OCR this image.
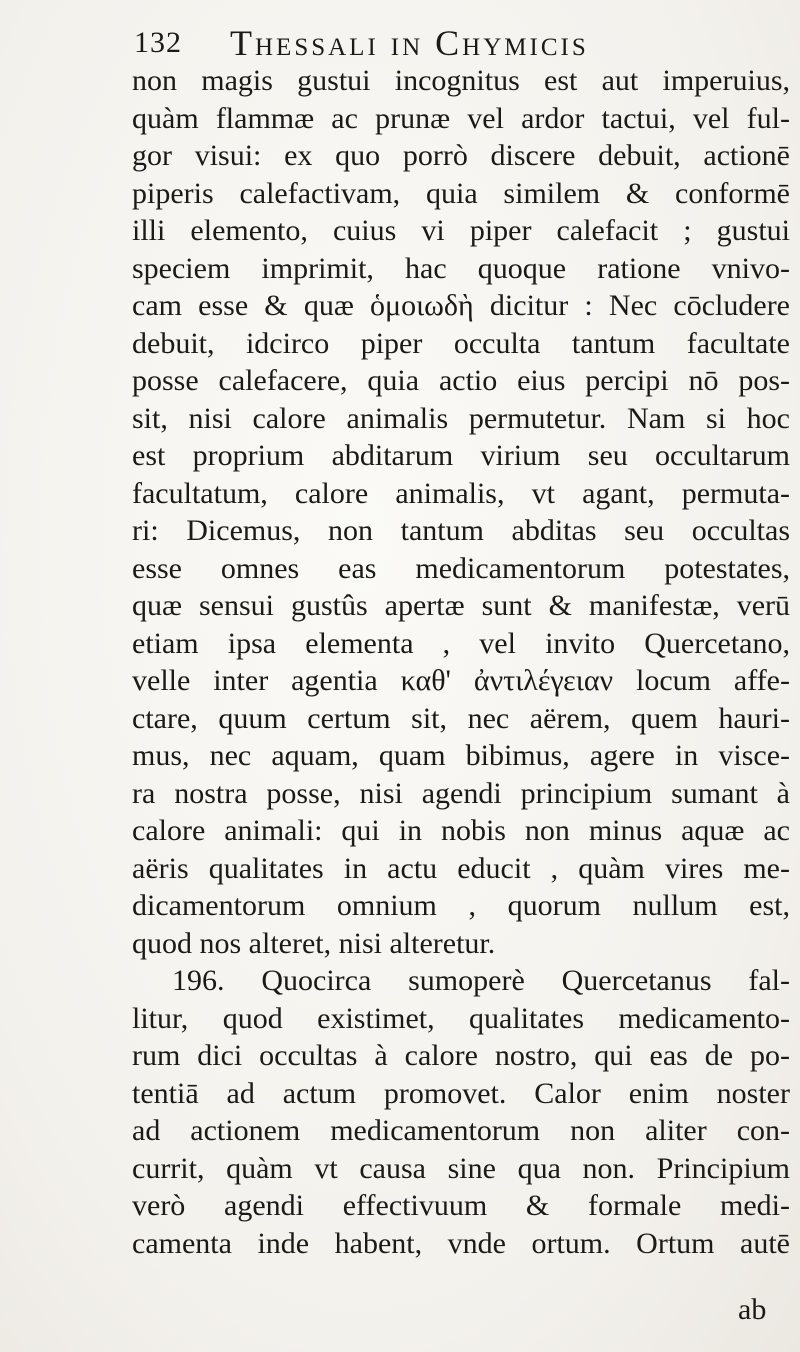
132 Thessali in Chymicis
non magis gustui incognitus est aut imperuius,
quàm flammæ ac prunæ vel ardor tactui, vel ful-
gor visui: ex quo porrò discere debuit, actionē
piperis calefactivam, quia similem & conformē
illi elemento, cuius vi piper calefacit ; gustui
speciem imprimit, hac quoque ratione vnivo-
cam esse & quæ ὁμοιωδὴ dicitur : Nec cōcludere
debuit, idcirco piper occulta tantum facultate
posse calefacere, quia actio eius percipi nō pos-
sit, nisi calore animalis permutetur. Nam si hoc
est proprium abditarum virium seu occultarum
facultatum, calore animalis, vt agant, permuta-
ri: Dicemus, non tantum abditas seu occultas
esse omnes eas medicamentorum potestates,
quæ sensui gustûs apertæ sunt & manifestæ, verū
etiam ipsa elementa , vel invito Quercetano,
velle inter agentia καθ' ἀντιλέγειαν locum affe-
ctare, quum certum sit, nec aërem, quem hauri-
mus, nec aquam, quam bibimus, agere in visce-
ra nostra posse, nisi agendi principium sumant à
calore animali: qui in nobis non minus aquæ ac
aëris qualitates in actu educit , quàm vires me-
dicamentorum omnium , quorum nullum est,
quod nos alteret, nisi alteretur.
196. Quocirca sumoperè Quercetanus fal-
litur, quod existimet, qualitates medicamento-
rum dici occultas à calore nostro, qui eas de po-
tentiā ad actum promovet. Calor enim noster
ad actionem medicamentorum non aliter con-
currit, quàm vt causa sine qua non. Principium
verò agendi effectivuum & formale medi-
camenta inde habent, vnde ortum. Ortum autē
ab
